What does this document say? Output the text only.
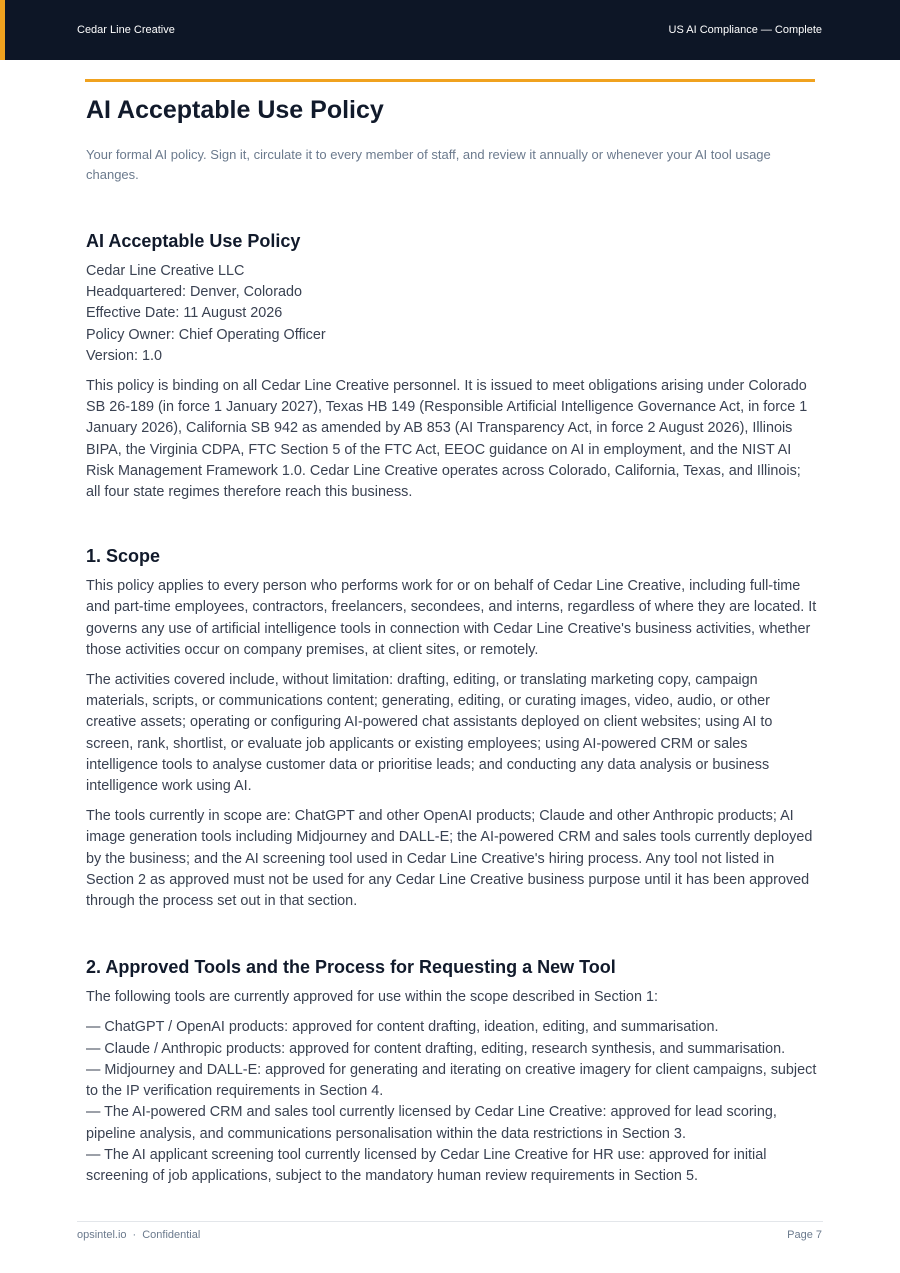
Cedar Line Creative	US AI Compliance — Complete
AI Acceptable Use Policy

Your formal AI policy. Sign it, circulate it to every member of staff, and review it annually or whenever your AI tool usage changes.

AI Acceptable Use Policy

Cedar Line Creative LLC

Headquartered: Denver, Colorado

Effective Date: 11 August 2026

Policy Owner: Chief Operating Officer

Version: 1.0

This policy is binding on all Cedar Line Creative personnel. It is issued to meet obligations arising under Colorado SB 26-189 (in force 1 January 2027), Texas HB 149 (Responsible Artificial Intelligence Governance Act, in force 1 January 2026), California SB 942 as amended by AB 853 (AI Transparency Act, in force 2 August 2026), Illinois BIPA, the Virginia CDPA, FTC Section 5 of the FTC Act, EEOC guidance on AI in employment, and the NIST AI Risk Management Framework 1.0. Cedar Line Creative operates across Colorado, California, Texas, and Illinois; all four state regimes therefore reach this business.

1. Scope

This policy applies to every person who performs work for or on behalf of Cedar Line Creative, including full-time and part-time employees, contractors, freelancers, secondees, and interns, regardless of where they are located. It governs any use of artificial intelligence tools in connection with Cedar Line Creative's business activities, whether those activities occur on company premises, at client sites, or remotely.

The activities covered include, without limitation: drafting, editing, or translating marketing copy, campaign materials, scripts, or communications content; generating, editing, or curating images, video, audio, or other creative assets; operating or configuring AI-powered chat assistants deployed on client websites; using AI to screen, rank, shortlist, or evaluate job applicants or existing employees; using AI-powered CRM or sales intelligence tools to analyse customer data or prioritise leads; and conducting any data analysis or business intelligence work using AI.

The tools currently in scope are: ChatGPT and other OpenAI products; Claude and other Anthropic products; AI image generation tools including Midjourney and DALL-E; the AI-powered CRM and sales tools currently deployed by the business; and the AI screening tool used in Cedar Line Creative's hiring process. Any tool not listed in Section 2 as approved must not be used for any Cedar Line Creative business purpose until it has been approved through the process set out in that section.

2. Approved Tools and the Process for Requesting a New Tool

The following tools are currently approved for use within the scope described in Section 1:

— ChatGPT / OpenAI products: approved for content drafting, ideation, editing, and summarisation.

— Claude / Anthropic products: approved for content drafting, editing, research synthesis, and summarisation.

— Midjourney and DALL-E: approved for generating and iterating on creative imagery for client campaigns, subject to the IP verification requirements in Section 4.

— The AI-powered CRM and sales tool currently licensed by Cedar Line Creative: approved for lead scoring, pipeline analysis, and communications personalisation within the data restrictions in Section 3.

— The AI applicant screening tool currently licensed by Cedar Line Creative for HR use: approved for initial screening of job applications, subject to the mandatory human review requirements in Section 5.

opsintel.io · Confidential	Page 7
